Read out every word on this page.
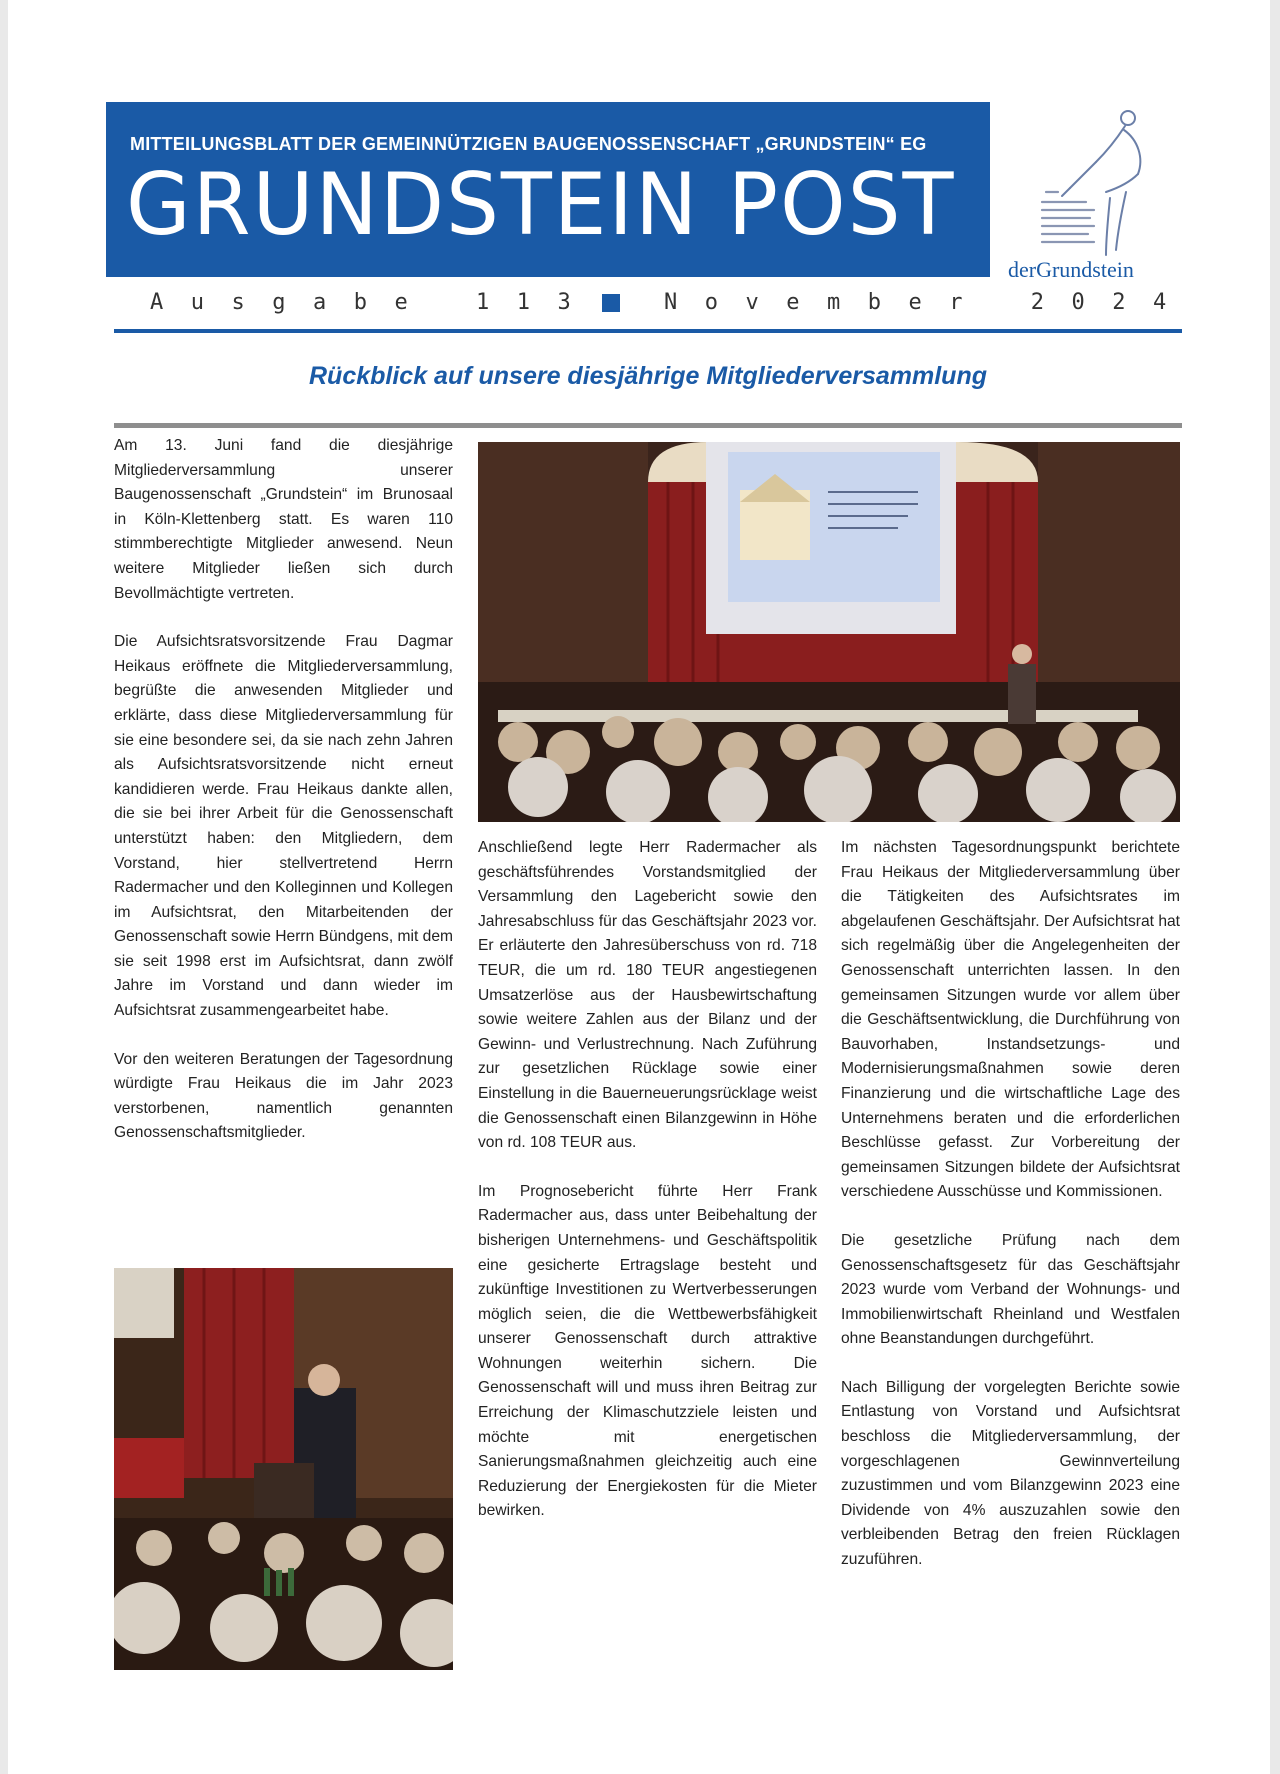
MITTEILUNGSBLATT DER GEMEINNÜTZIGEN BAUGENOSSENSCHAFT „GRUNDSTEIN“ EG
GRUNDSTEIN POST
derGrundstein
Ausgabe 113	November 2024
Rückblick auf unsere diesjährige Mitgliederversammlung

Am 13. Juni fand die diesjährige Mitgliederversammlung unserer Baugenossenschaft „Grundstein“ im Brunosaal in Köln-Klettenberg statt. Es waren 110 stimmberechtigte Mitglieder anwesend. Neun weitere Mitglieder ließen sich durch Bevollmächtigte vertreten.

Die Aufsichtsratsvorsitzende Frau Dagmar Heikaus eröffnete die Mitgliederversammlung, begrüßte die anwesenden Mitglieder und erklärte, dass diese Mitgliederversammlung für sie eine besondere sei, da sie nach zehn Jahren als Aufsichtsratsvorsitzende nicht erneut kandidieren werde. Frau Heikaus dankte allen, die sie bei ihrer Arbeit für die Genossenschaft unterstützt haben: den Mitgliedern, dem Vorstand, hier stellvertretend Herrn Radermacher und den Kolleginnen und Kollegen im Aufsichtsrat, den Mitarbeitenden der Genossenschaft sowie Herrn Bündgens, mit dem sie seit 1998 erst im Aufsichtsrat, dann zwölf Jahre im Vorstand und dann wieder im Aufsichtsrat zusammengearbeitet habe.

Vor den weiteren Beratungen der Tagesordnung würdigte Frau Heikaus die im Jahr 2023 verstorbenen, namentlich genannten Genossenschaftsmitglieder.

Anschließend legte Herr Radermacher als geschäftsführendes Vorstandsmitglied der Versammlung den Lagebericht sowie den Jahresabschluss für das Geschäftsjahr 2023 vor. Er erläuterte den Jahresüberschuss von rd. 718 TEUR, die um rd. 180 TEUR angestiegenen Umsatzerlöse aus der Hausbewirtschaftung sowie weitere Zahlen aus der Bilanz und der Gewinn- und Verlustrechnung. Nach Zuführung zur gesetzlichen Rücklage sowie einer Einstellung in die Bauerneuerungsrücklage weist die Genossenschaft einen Bilanzgewinn in Höhe von rd. 108 TEUR aus.

Im Prognosebericht führte Herr Frank Radermacher aus, dass unter Beibehaltung der bisherigen Unternehmens- und Geschäftspolitik eine gesicherte Ertragslage besteht und zukünftige Investitionen zu Wertverbesserungen möglich seien, die die Wettbewerbsfähigkeit unserer Genossenschaft durch attraktive Wohnungen weiterhin sichern. Die Genossenschaft will und muss ihren Beitrag zur Erreichung der Klimaschutzziele leisten und möchte mit energetischen Sanierungsmaßnahmen gleichzeitig auch eine Reduzierung der Energiekosten für die Mieter bewirken.

Im nächsten Tagesordnungspunkt berichtete Frau Heikaus der Mitgliederversammlung über die Tätigkeiten des Aufsichtsrates im abgelaufenen Geschäftsjahr. Der Aufsichtsrat hat sich regelmäßig über die Angelegenheiten der Genossenschaft unterrichten lassen. In den gemeinsamen Sitzungen wurde vor allem über die Geschäftsentwicklung, die Durchführung von Bauvorhaben, Instandsetzungs- und Modernisierungsmaßnahmen sowie deren Finanzierung und die wirtschaftliche Lage des Unternehmens beraten und die erforderlichen Beschlüsse gefasst. Zur Vorbereitung der gemeinsamen Sitzungen bildete der Aufsichtsrat verschiedene Ausschüsse und Kommissionen.

Die gesetzliche Prüfung nach dem Genossenschaftsgesetz für das Geschäftsjahr 2023 wurde vom Verband der Wohnungs- und Immobilienwirtschaft Rheinland und Westfalen ohne Beanstandungen durchgeführt.

Nach Billigung der vorgelegten Berichte sowie Entlastung von Vorstand und Aufsichtsrat beschloss die Mitgliederversammlung, der vorgeschlagenen Gewinnverteilung zuzustimmen und vom Bilanzgewinn 2023 eine Dividende von 4% auszuzahlen sowie den verbleibenden Betrag den freien Rücklagen zuzuführen.
